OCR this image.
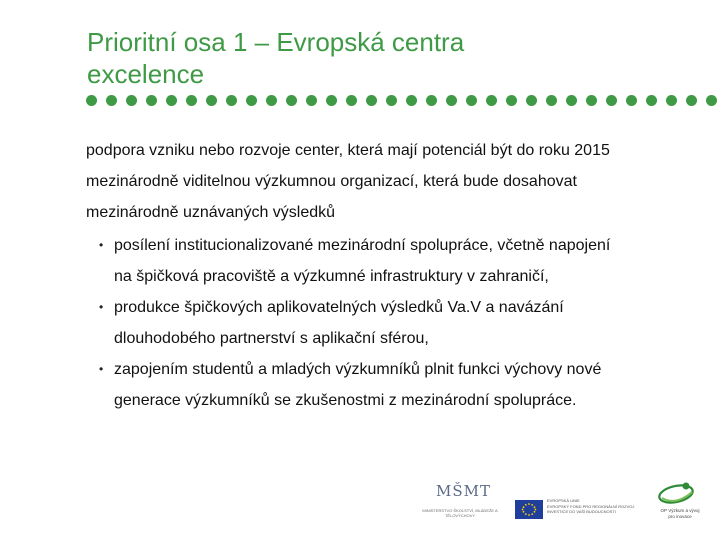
Prioritní osa 1 – Evropská centra
excelence
podpora vzniku nebo rozvoje center, která mají potenciál být do roku 2015
mezinárodně viditelnou výzkumnou organizací, která bude dosahovat
mezinárodně uznávaných výsledků
• posílení institucionalizované mezinárodní spolupráce, včetně napojení
na špičková pracoviště a výzkumné infrastruktury v zahraničí,
• produkce špičkových aplikovatelných výsledků Va.V a navázání
dlouhodobého partnerství s aplikační sférou,
• zapojením studentů a mladých výzkumníků plnit funkci výchovy nové
generace výzkumníků se zkušenostmi z mezinárodní spolupráce.
MŠMT
MINISTERSTVO ŠKOLSTVÍ, MLÁDEŽE A TĚLOVÝCHOVY
EVROPSKÁ UNIE
EVROPSKÝ FOND PRO REGIONÁLNÍ ROZVOJ
INVESTICE DO VAŠÍ BUDOUCNOSTI	OP Výzkum a vývoj
pro inovace
